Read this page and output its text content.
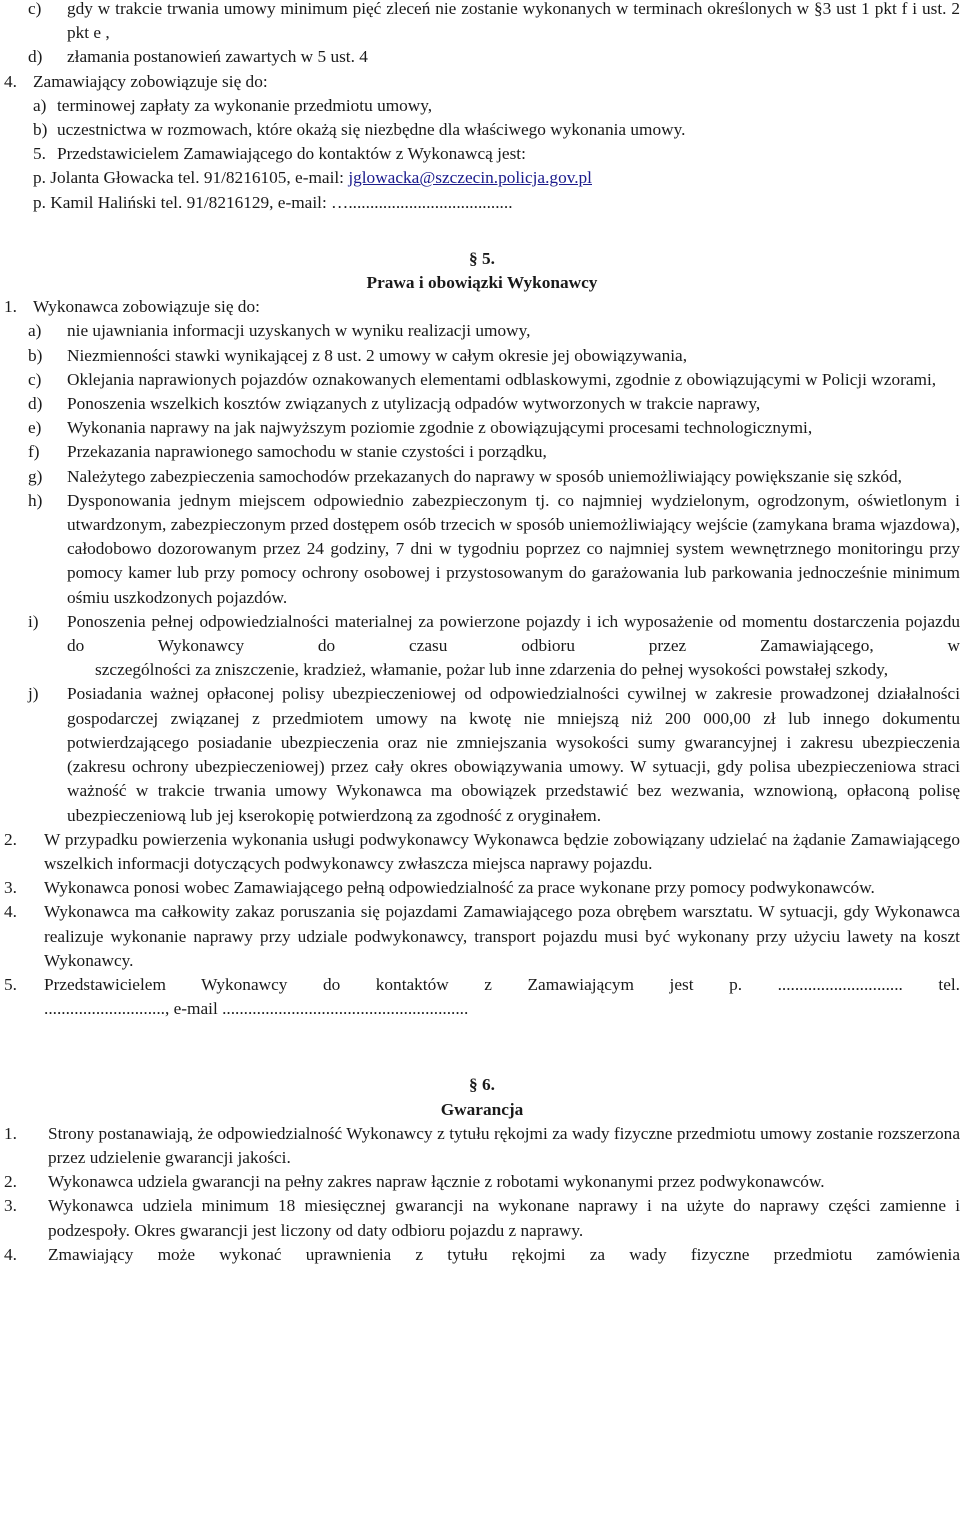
c)	gdy w trakcie trwania umowy minimum pięć zleceń nie zostanie wykonanych w terminach określonych w §3 ust 1 pkt f i ust. 2 pkt e ,
d)	złamania postanowień zawartych w 5 ust. 4
4. Zamawiający zobowiązuje się do:
a) terminowej zapłaty za wykonanie przedmiotu umowy,
b) uczestnictwa w rozmowach, które okażą się niezbędne dla właściwego wykonania umowy.
5. Przedstawicielem Zamawiającego do kontaktów z Wykonawcą jest:
p. Jolanta Głowacka tel. 91/8216105, e-mail: jglowacka@szczecin.policja.gov.pl
p. Kamil Haliński tel. 91/8216129, e-mail: …......................................
§ 5.
Prawa i obowiązki Wykonawcy
1. Wykonawca zobowiązuje się do:
a)	nie ujawniania informacji uzyskanych w wyniku realizacji umowy,
b)	Niezmienności stawki wynikającej z 8 ust. 2 umowy w całym okresie jej obowiązywania,
c)	Oklejania naprawionych pojazdów oznakowanych elementami odblaskowymi, zgodnie z obowiązującymi w Policji wzorami,
d)	Ponoszenia wszelkich kosztów związanych z utylizacją odpadów wytworzonych w trakcie naprawy,
e)	Wykonania naprawy na jak najwyższym poziomie zgodnie z obowiązującymi procesami technologicznymi,
f)	Przekazania naprawionego samochodu w stanie czystości i porządku,
g)	Należytego zabezpieczenia samochodów przekazanych do naprawy w sposób uniemożliwiający powiększanie się szkód,
h)	Dysponowania jednym miejscem odpowiednio zabezpieczonym tj. co najmniej wydzielonym, ogrodzonym, oświetlonym i utwardzonym, zabezpieczonym przed dostępem osób trzecich w sposób uniemożliwiający wejście (zamykana brama wjazdowa), całodobowo dozorowanym przez 24 godziny, 7 dni w tygodniu poprzez co najmniej system wewnętrznego monitoringu przy pomocy kamer lub przy pomocy ochrony osobowej i przystosowanym do garażowania lub parkowania jednocześnie minimum ośmiu uszkodzonych pojazdów.
i)	Ponoszenia pełnej odpowiedzialności materialnej za powierzone pojazdy i ich wyposażenie od momentu dostarczenia pojazdu do Wykonawcy do czasu odbioru przez Zamawiającego, w
szczególności za zniszczenie, kradzież, włamanie, pożar lub inne zdarzenia do pełnej wysokości powstałej szkody,
j)	Posiadania ważnej opłaconej polisy ubezpieczeniowej od odpowiedzialności cywilnej w zakresie prowadzonej działalności gospodarczej związanej z przedmiotem umowy na kwotę nie mniejszą niż 200 000,00 zł lub innego dokumentu potwierdzającego posiadanie ubezpieczenia oraz nie zmniejszania wysokości sumy gwarancyjnej i zakresu ubezpieczenia (zakresu ochrony ubezpieczeniowej) przez cały okres obowiązywania umowy. W sytuacji, gdy polisa ubezpieczeniowa straci ważność w trakcie trwania umowy Wykonawca ma obowiązek przedstawić bez wezwania, wznowioną, opłaconą polisę ubezpieczeniową lub jej kserokopię potwierdzoną za zgodność z oryginałem.
2.	W przypadku powierzenia wykonania usługi podwykonawcy Wykonawca będzie zobowiązany udzielać na żądanie Zamawiającego wszelkich informacji dotyczących podwykonawcy zwłaszcza miejsca naprawy pojazdu.
3.	Wykonawca ponosi wobec Zamawiającego pełną odpowiedzialność za prace wykonane przy pomocy podwykonawców.
4.	Wykonawca ma całkowity zakaz poruszania się pojazdami Zamawiającego poza obrębem warsztatu. W sytuacji, gdy Wykonawca realizuje wykonanie naprawy przy udziale podwykonawcy, transport pojazdu musi być wykonany przy użyciu lawety na koszt Wykonawcy.
5.	Przedstawicielem Wykonawcy do kontaktów z Zamawiającym jest p. ............................. tel.
............................, e-mail .........................................................
§ 6.
Gwarancja
1.	Strony postanawiają, że odpowiedzialność Wykonawcy z tytułu rękojmi za wady fizyczne przedmiotu umowy zostanie rozszerzona przez udzielenie gwarancji jakości.
2.	Wykonawca udziela gwarancji na pełny zakres napraw łącznie z robotami wykonanymi przez podwykonawców.
3.	Wykonawca udziela minimum 18 miesięcznej gwarancji na wykonane naprawy i na użyte do naprawy części zamienne i podzespoły. Okres gwarancji jest liczony od daty odbioru pojazdu z naprawy.
4.	Zmawiający może wykonać uprawnienia z tytułu rękojmi za wady fizyczne przedmiotu zamówienia
